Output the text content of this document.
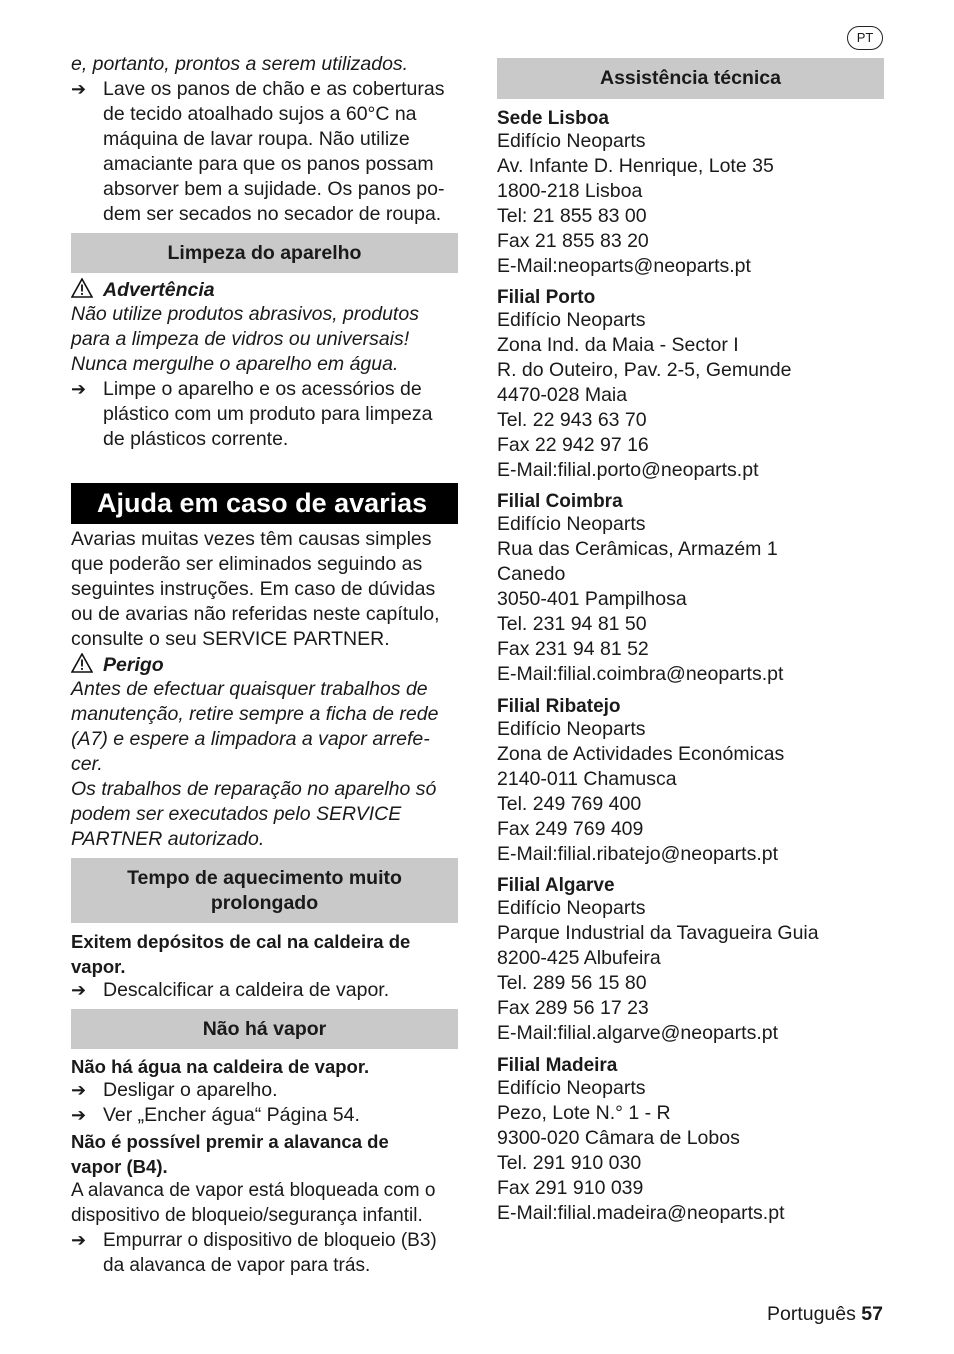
PT

e, portanto, prontos a serem utilizados.

➔ Lave os panos de chão e as coberturas

de tecido atoalhado sujos a 60°C na

máquina de lavar roupa. Não utilize

amaciante para que os panos possam

absorver bem a sujidade. Os panos po-

dem ser secados no secador de roupa.

Limpeza do aparelho
Advertência

Não utilize produtos abrasivos, produtos

para a limpeza de vidros ou universais!

Nunca mergulhe o aparelho em água.

➔ Limpe o aparelho e os acessórios de

plástico com um produto para limpeza

de plásticos corrente.

Ajuda em caso de avarias

Avarias muitas vezes têm causas simples

que poderão ser eliminados seguindo as

seguintes instruções. Em caso de dúvidas

ou de avarias não referidas neste capítulo,

consulte o seu SERVICE PARTNER.

Perigo

Antes de efectuar quaisquer trabalhos de

manutenção, retire sempre a ficha de rede

(A7) e espere a limpadora a vapor arrefe-

cer.

Os trabalhos de reparação no aparelho só

podem ser executados pelo SERVICE

PARTNER autorizado.

Tempo de aquecimento muito
prolongado

Exitem depósitos de cal na caldeira de

vapor.

➔ Descalcificar a caldeira de vapor.

Não há vapor

Não há água na caldeira de vapor.

➔ Desligar o aparelho.

➔ Ver „Encher água“ Página 54.

Não é possível premir a alavanca de

vapor (B4).

A alavanca de vapor está bloqueada com o

dispositivo de bloqueio/segurança infantil.

➔ Empurrar o dispositivo de bloqueio (B3)

da alavanca de vapor para trás.

Assistência técnica

Sede Lisboa

Edifício Neoparts

Av. Infante D. Henrique, Lote 35

1800-218 Lisboa

Tel: 21 855 83 00

Fax 21 855 83 20

E-Mail:neoparts@neoparts.pt

Filial Porto

Edifício Neoparts

Zona Ind. da Maia - Sector I

R. do Outeiro, Pav. 2-5, Gemunde

4470-028 Maia

Tel. 22 943 63 70

Fax 22 942 97 16

E-Mail:filial.porto@neoparts.pt

Filial Coimbra

Edifício Neoparts

Rua das Cerâmicas, Armazém 1

Canedo

3050-401 Pampilhosa

Tel. 231 94 81 50

Fax 231 94 81 52

E-Mail:filial.coimbra@neoparts.pt

Filial Ribatejo

Edifício Neoparts

Zona de Actividades Económicas

2140-011 Chamusca

Tel. 249 769 400

Fax 249 769 409

E-Mail:filial.ribatejo@neoparts.pt

Filial Algarve

Edifício Neoparts

Parque Industrial da Tavagueira Guia

8200-425 Albufeira

Tel. 289 56 15 80

Fax 289 56 17 23

E-Mail:filial.algarve@neoparts.pt

Filial Madeira

Edifício Neoparts

Pezo, Lote N.° 1 - R

9300-020 Câmara de Lobos

Tel. 291 910 030

Fax 291 910 039

E-Mail:filial.madeira@neoparts.pt

Português 57
